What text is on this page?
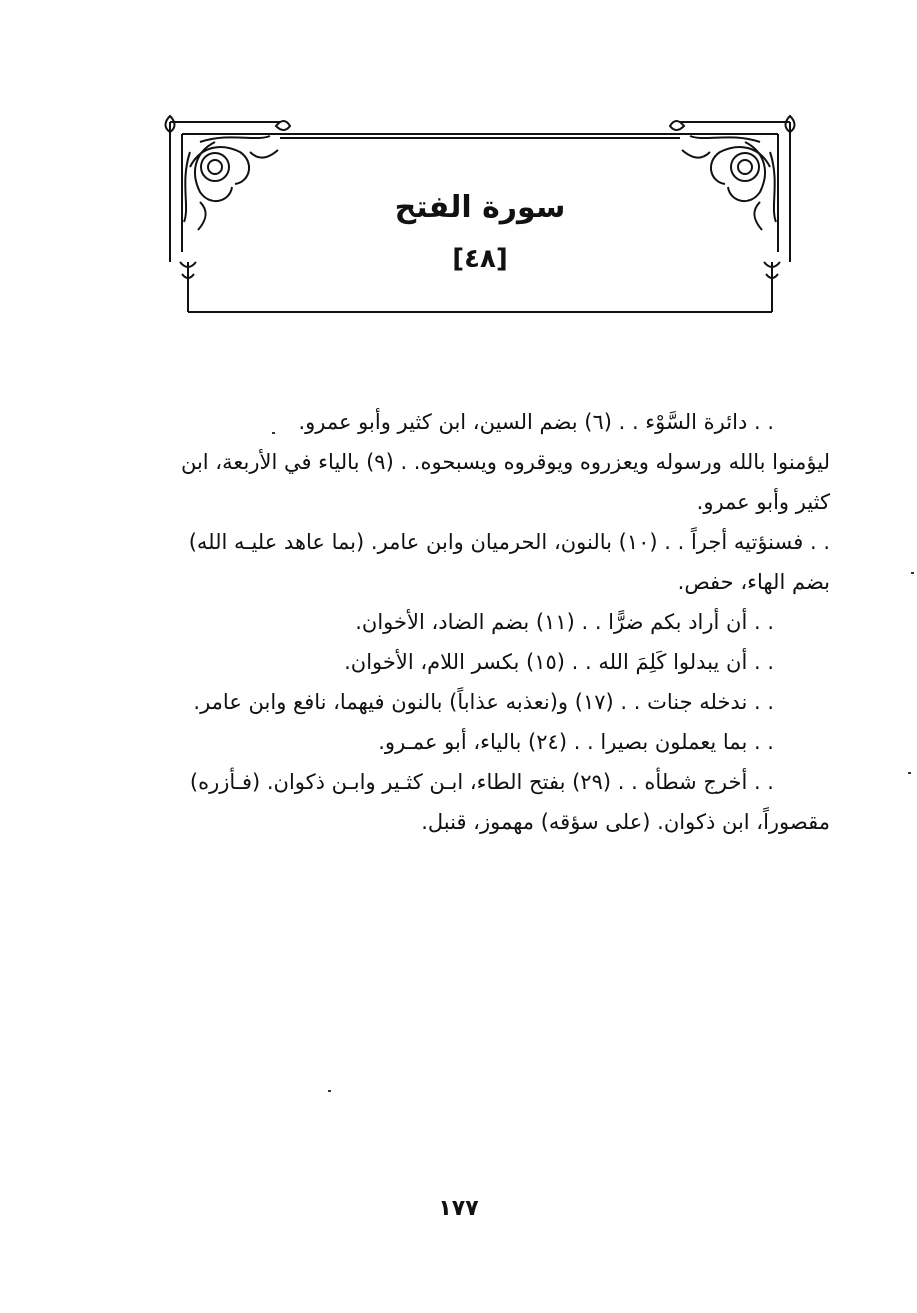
سورة الفتح
[٤٨]

. . دائرة السَّوْء . . (٦) بضم السين، ابن كثير وأبو عمرو.

ليؤمنوا بالله ورسوله ويعزروه ويوقروه ويسبحوه. . (٩) بالياء في الأربعة، ابن

كثير وأبو عمرو.

. . فسنؤتيه أجراً . . (١٠) بالنون، الحرميان وابن عامر. (بما عاهد عليـه الله)

بضم الهاء، حفص.

. . أن أراد بكم ضرًّا . . (١١) بضم الضاد، الأخوان.

. . أن يبدلوا كَلِمَ الله . . (١٥) بكسر اللام، الأخوان.

. . ندخله جنات . . (١٧) و(نعذبه عذاباً) بالنون فيهما، نافع وابن عامر.

. . بما يعملون بصيرا . . (٢٤) بالياء، أبو عمـرو.

. . أخرج شطأه . . (٢٩) بفتح الطاء، ابـن كثـير وابـن ذكوان. (فـأزره)

مقصوراً، ابن ذكوان. (على سؤقه) مهموز، قنبل.

١٧٧
